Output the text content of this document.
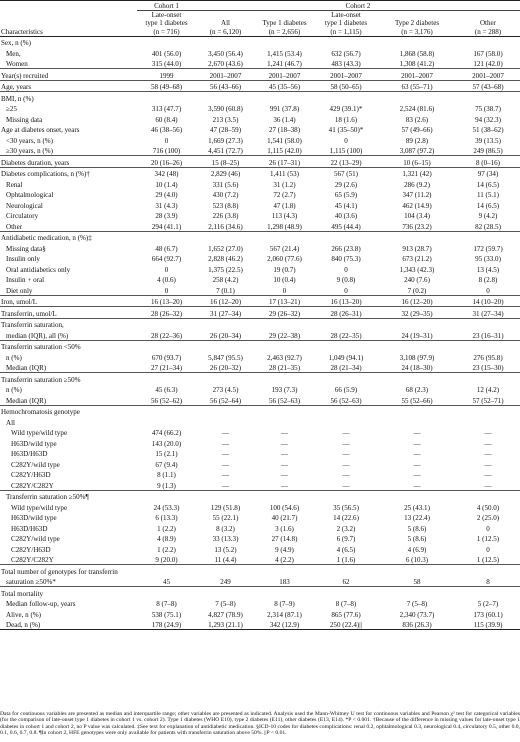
	Cohort 1	Cohort 2				
	Late-onset			Late-onset		
	type 1 diabetes	All	Type 1 diabetes	type 1 diabetes	Type 2 diabetes	Other
Characteristics	(n = 716)	(n = 6,120)	(n = 2,656)	(n = 1,115)	(n = 3,176)	(n = 288)
Sex, n (%)						
Men,	401 (56.0)	3,450 (56.4)	1,415 (53.4)	632 (56.7)	1,868 (58.8)	167 (58.0)
Women	315 (44.0)	2,670 (43.6)	1,241 (46.7)	483 (43.3)	1,308 (41.2)	121 (42.0)
Year(s) recruited	1999	2001–2007	2001–2007	2001–2007	2001–2007	2001–2007
Age, years	58 (49–68)	56 (43–66)	45 (35–56)	58 (50–65)	63 (55–71)	57 (43–68)
BMI, n (%)						
≥25	313 (47.7)	3,590 (60.8)	991 (37.8)	429 (39.1)*	2,524 (81.6)	75 (38.7)
Missing data	60 (8.4)	213 (3.5)	36 (1.4)	18 (1.6)	83 (2.6)	94 (32.3)
Age at diabetes onset, years	46 (38–56)	47 (28–59)	27 (18–38)	41 (35–50)*	57 (49–66)	51 (38–62)
<30 years, n (%)	0	1,669 (27.3)	1,541 (58.0)	0	89 (2.8)	39 (13.5)
≥30 years, n (%)	716 (100)	4,451 (72.7)	1,115 (42.0)	1,115 (100)	3,087 (97.2)	249 (86.5)
Diabetes duration, years	20 (16–26)	15 (8–25)	26 (17–31)	22 (13–29)	10 (6–15)	8 (0–16)
Diabetes complications, n (%)†	342 (48)	2,829 (46)	1,411 (53)	567 (51)	1,321 (42)	97 (34)
Renal	10 (1.4)	331 (5.6)	31 (1.2)	29 (2.6)	286 (9.2)	14 (6.5)
Ophtalmological	29 (4.0)	430 (7.2)	72 (2.7)	65 (5.9)	347 (11.2)	11 (5.1)
Neurological	31 (4.3)	523 (8.8)	47 (1.8)	45 (4.1)	462 (14.9)	14 (6.5)
Circulatory	28 (3.9)	226 (3.8)	113 (4.3)	40 (3.6)	104 (3.4)	9 (4.2)
Other	294 (41.1)	2,116 (34.6)	1,298 (48.9)	495 (44.4)	736 (23.2)	82 (28.5)
Antidiabetic medication, n (%)‡						
Missing data§	48 (6.7)	1,652 (27.0)	567 (21.4)	266 (23.8)	913 (28.7)	172 (59.7)
Insulin only	664 (92.7)	2,828 (46.2)	2,060 (77.6)	840 (75.3)	673 (21.2)	95 (33.0)
Oral antidiabetics only	0	1,375 (22.5)	19 (0.7)	0	1,343 (42.3)	13 (4.5)
Insulin + oral	4 (0.6)	258 (4.2)	10 (0.4)	9 (0.8)	240 (7.6)	8 (2.8)
Diet only	0	7 (0.1)	0	0	7 (0.2)	0
Iron, umol/L	16 (13–20)	16 (12–20)	17 (13–21)	16 (13–20)	16 (12–20)	14 (10–20)
Transferrin, umol/L	28 (26–32)	31 (27–34)	29 (26–32)	28 (26–31)	32 (29–35)	31 (27–34)
Transferrin saturation,						
median (IQR), all (%)	28 (22–36)	26 (20–34)	29 (22–38)	28 (22–35)	24 (19–31)	23 (16–31)
Transferrin saturation <50%						
n (%)	670 (93.7)	5,847 (95.5)	2,463 (92.7)	1,049 (94.1)	3,108 (97.9)	276 (95.8)
Median (IQR)	27 (21–34)	26 (20–32)	28 (21–35)	28 (21–34)	24 (18–30)	23 (15–30)
Transferrin saturation ≥50%						
n (%)	45 (6.3)	273 (4.5)	193 (7.3)	66 (5.9)	68 (2.3)	12 (4.2)
Median (IQR)	56 (52–62)	56 (52–64)	56 (52–63)	56 (52–63)	55 (52–66)	57 (52–71)
Hemochromatosis genotype						
All						
Wild type/wild type	474 (66.2)	—	—	—	—	—
H63D/wild type	143 (20.0)	—	—	—	—	—
H63D/H63D	15 (2.1)	—	—	—	—	—
C282Y/wild type	67 (9.4)	—	—	—	—	—
C282Y/H63D	8 (1.1)	—	—	—	—	—
C282Y/C282Y	9 (1.3)	—	—	—	—	—
Transferrin saturation ≥50%¶						
Wild type/wild type	24 (53.3)	129 (51.8)	100 (54.6)	35 (56.5)	25 (43.1)	4 (50.0)
H63D/wild type	6 (13.3)	55 (22.1)	40 (21.7)	14 (22.6)	13 (22.4)	2 (25.0)
H63D/H63D	1 (2.2)	8 (3.2)	3 (1.6)	2 (3.2)	5 (8.6)	0
C282Y/wild type	4 (8.9)	33 (13.3)	27 (14.8)	6 (9.7)	5 (8.6)	1 (12.5)
C282Y/H63D	1 (2.2)	13 (5.2)	9 (4.9)	4 (6.5)	4 (6.9)	0
C282Y/C282Y	9 (20.0)	11 (4.4)	4 (2.2)	1 (1.6)	6 (10.3)	1 (12.5)
Total number of genotypes for transferrin						
saturation ≥50%*	45	249	183	62	58	8
Total mortality						
Median follow-up, years	8 (7–8)	7 (5–8)	8 (7–9)	8 (7–8)	7 (5–8)	5 (2–7)
Alive, n (%)	538 (75.1)	4,827 (78.9)	2,314 (87.1)	865 (77.6)	2,340 (73.7)	173 (60.1)
Dead, n (%)	178 (24.9)	1,293 (21.1)	342 (12.9)	250 (22.4)||	836 (26.3)	115 (39.9)
Data for continuous variables are presented as median and interquartile range; other variables are presented as indicated. Analysis used the Mann-Whitney U test for continuous variables and Pearson χ² test for categorical variables (for the comparison of late-onset type 1 diabetes in cohort 1 vs. cohort 2). Type 1 diabetes (WHO E10), type 2 diabetes (E11), other diabetes (E13, E14). *P < 0.001. †Because of the difference in missing values for late-onset type 1 diabetes in cohort 1 and cohort 2, no P value was calculated. ‡See text for explanation of antidiabetic medication. §ICD-10 codes for diabetes complications: renal 0.2, ophtalmological 0.3, neurological 0.4, circulatory 0.5, other 0.0, 0.1, 0.6, 0.7, 0.8. ¶In cohort 2, HFE genotypes were only available for patients with transferrin saturation above 50%. ||P < 0.01.
